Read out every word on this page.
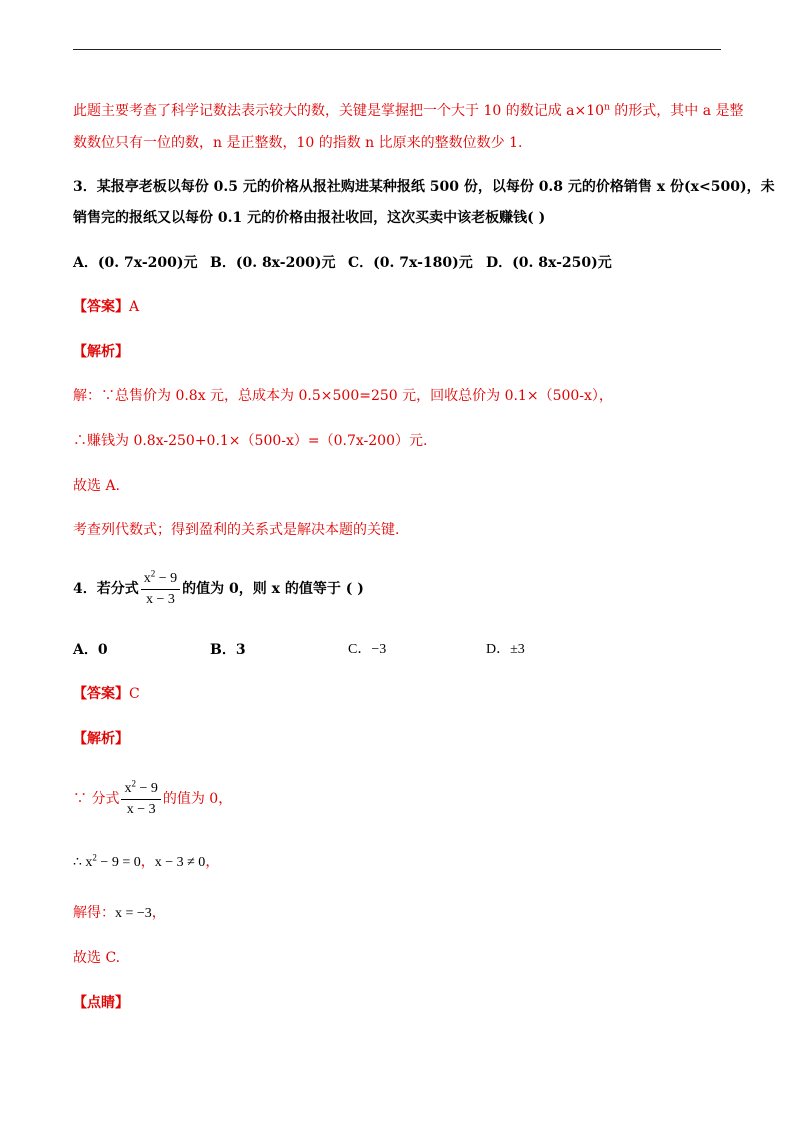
此题主要考查了科学记数法表示较大的数，关键是掌握把一个大于 10 的数记成 $a\times 10^n$ 的形式，其中 a 是整
数数位只有一位的数，n 是正整数，10 的指数 n 比原来的整数位数少 1.
3．某报亭老板以每份 0.5 元的价格从报社购进某种报纸 500 份，以每份 0.8 元的价格销售 x 份(x<500)，未
销售完的报纸又以每份 0.1 元的价格由报社收回，这次买卖中该老板赚钱( )
A．(0. 7x-200)元 B．(0. 8x-200)元 C．(0. 7x-180)元 D．(0. 8x-250)元
【答案】A
【解析】
解：∵总售价为 0.8x 元，总成本为 0.5×500=250 元，回收总价为 0.1×（500-x），
∴赚钱为 0.8x-250+0.1×（500-x）=（0.7x-200）元.
故选 A.
考查列代数式；得到盈利的关系式是解决本题的关键.
4．若分式 $\frac{x^2 - 9}{x - 3}$ 的值为 0，则 x 的值等于 ( )
A．0	B．3	C．−3	D．±3
【答案】C
【解析】
∵ 分式 $\frac{x^2 - 9}{x - 3}$ 的值为 0，
∴ $x^2 - 9 = 0$，x − 3 ≠ 0，
解得：x = −3，
故选 C.
【点睛】
